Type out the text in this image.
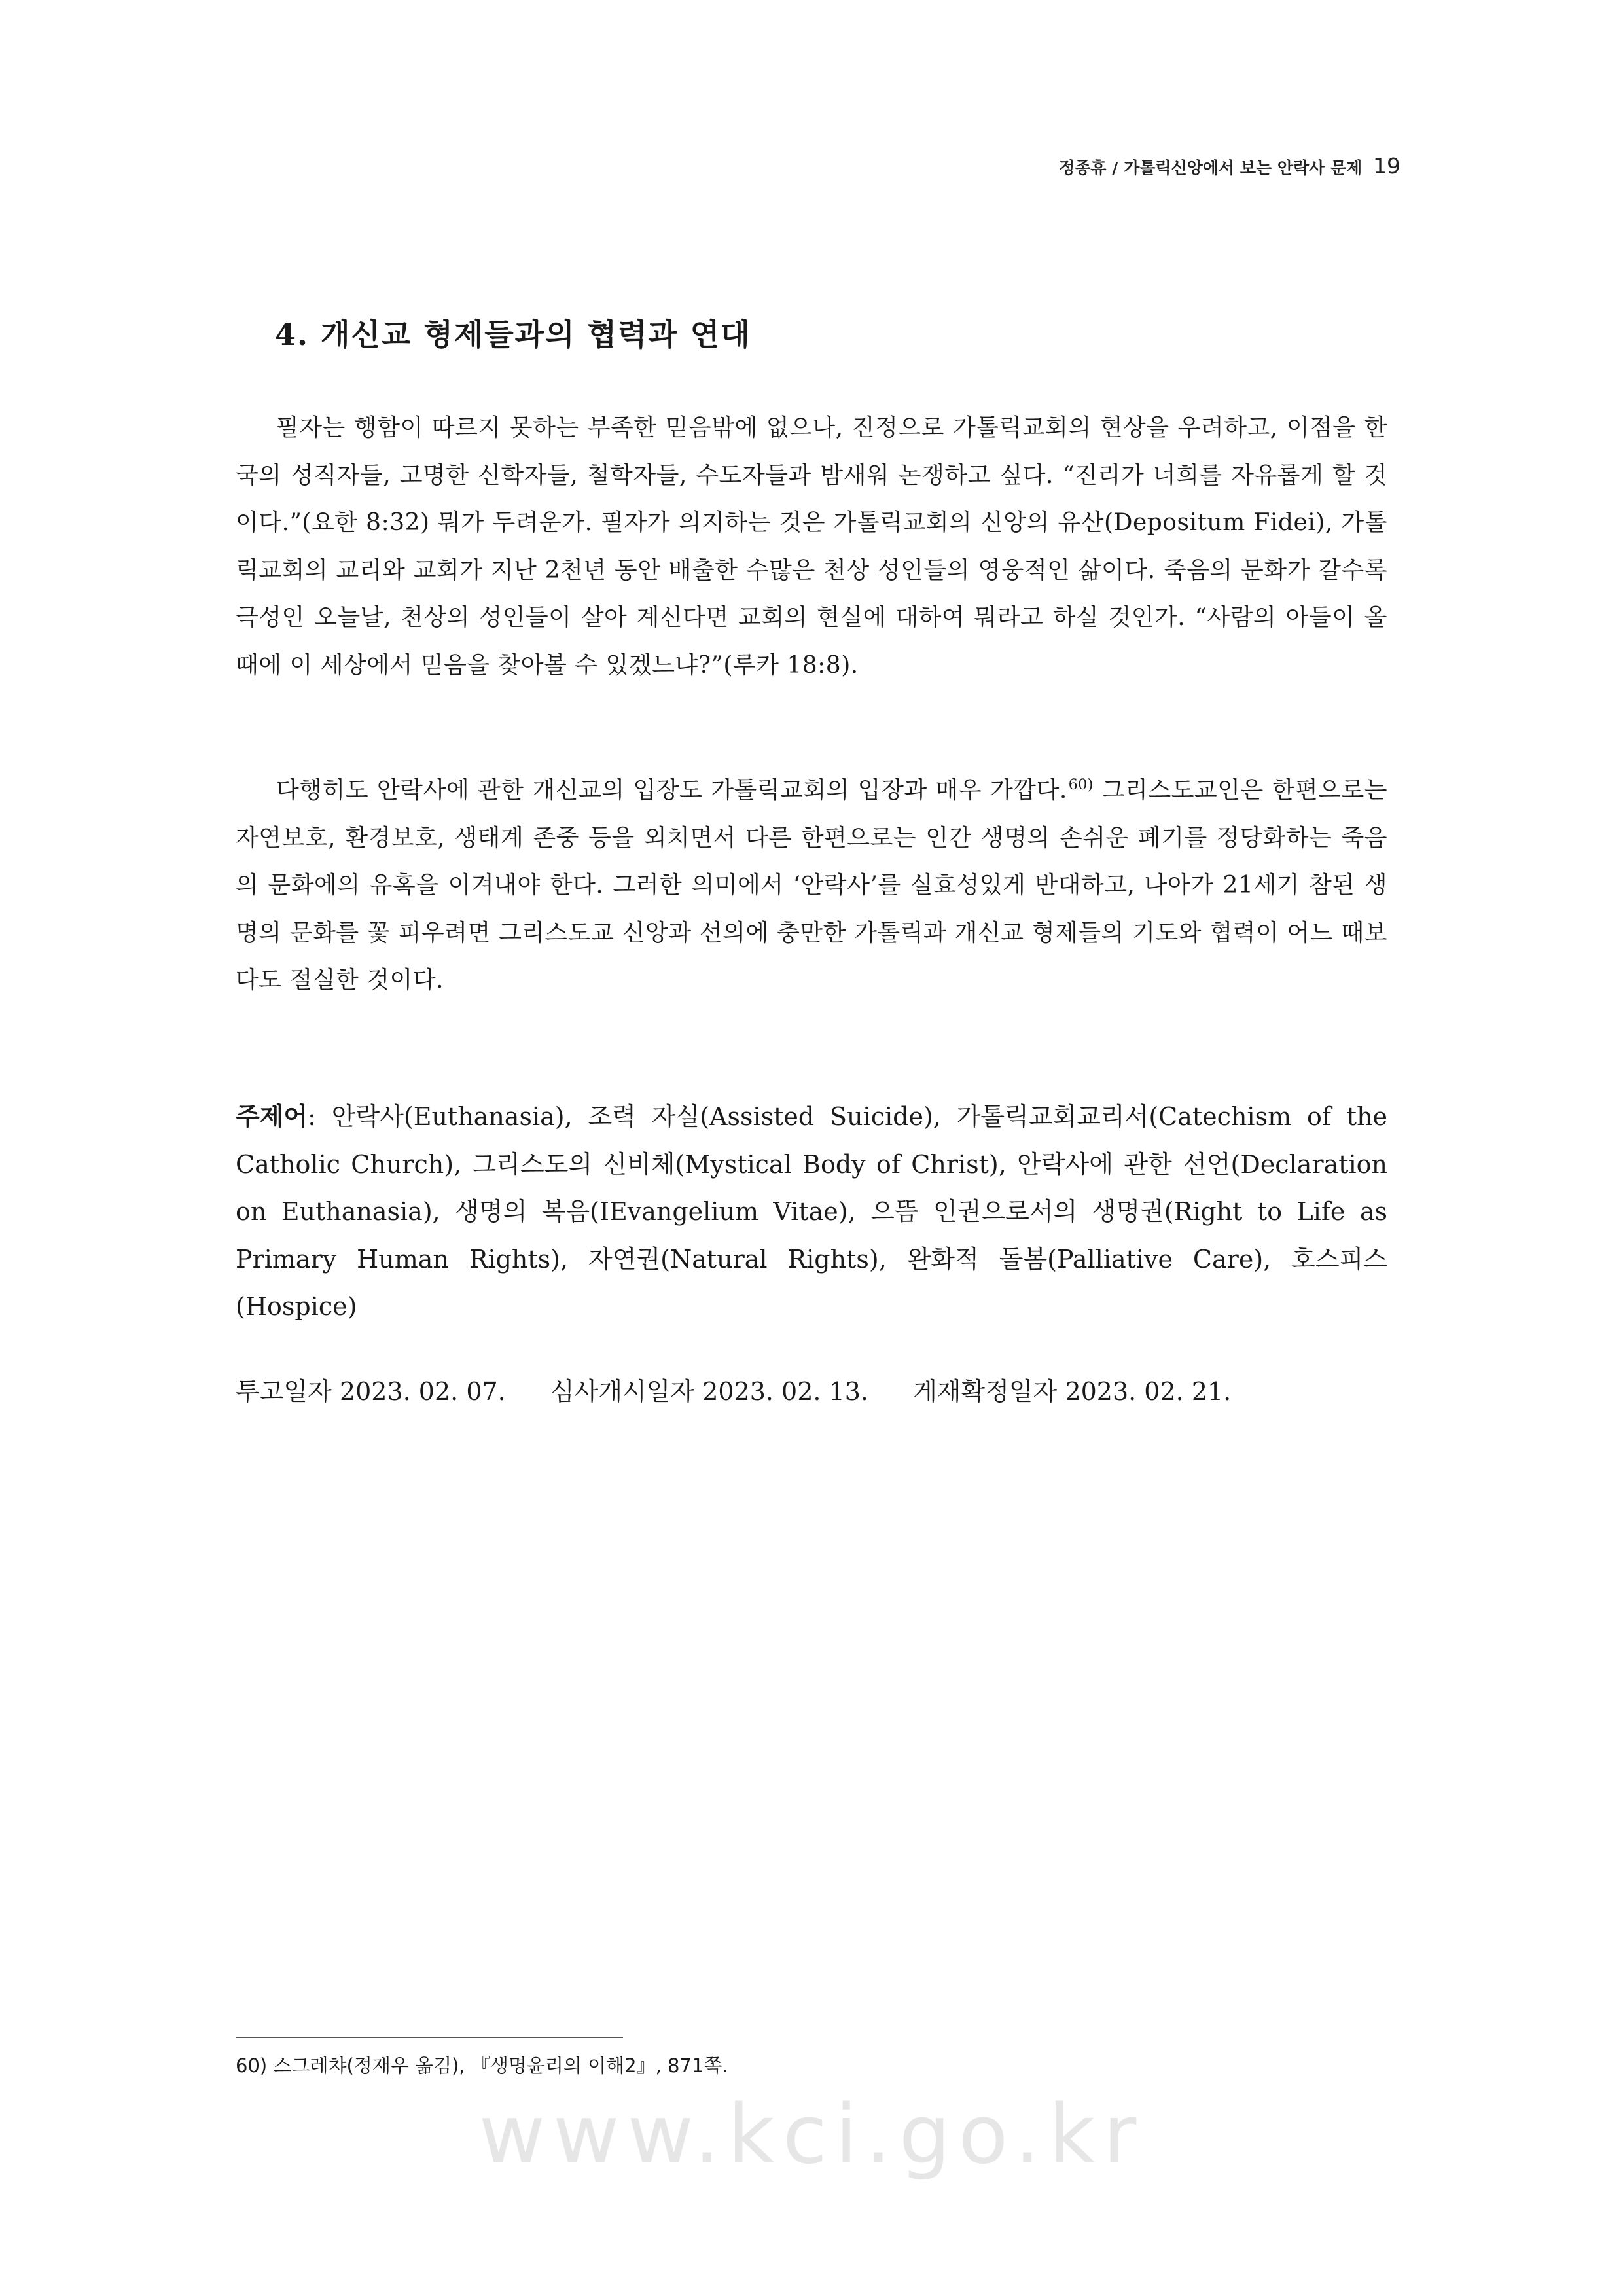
정종휴 / 가톨릭신앙에서 보는 안락사 문제 19
4. 개신교 형제들과의 협력과 연대

필자는 행함이 따르지 못하는 부족한 믿음밖에 없으나, 진정으로 가톨릭교회의 현상을 우려하고, 이점을 한국의 성직자들, 고명한 신학자들, 철학자들, 수도자들과 밤새워 논쟁하고 싶다. “진리가 너희를 자유롭게 할 것이다.”(요한 8:32) 뭐가 두려운가. 필자가 의지하는 것은 가톨릭교회의 신앙의 유산(Depositum Fidei), 가톨릭교회의 교리와 교회가 지난 2천년 동안 배출한 수많은 천상 성인들의 영웅적인 삶이다. 죽음의 문화가 갈수록 극성인 오늘날, 천상의 성인들이 살아 계신다면 교회의 현실에 대하여 뭐라고 하실 것인가. “사람의 아들이 올 때에 이 세상에서 믿음을 찾아볼 수 있겠느냐?”(루카 18:8).

다행히도 안락사에 관한 개신교의 입장도 가톨릭교회의 입장과 매우 가깝다.$^{60)}$ 그리스도교인은 한편으로는 자연보호, 환경보호, 생태계 존중 등을 외치면서 다른 한편으로는 인간 생명의 손쉬운 폐기를 정당화하는 죽음의 문화에의 유혹을 이겨내야 한다. 그러한 의미에서 ‘안락사’를 실효성있게 반대하고, 나아가 21세기 참된 생명의 문화를 꽃 피우려면 그리스도교 신앙과 선의에 충만한 가톨릭과 개신교 형제들의 기도와 협력이 어느 때보다도 절실한 것이다.

주제어: 안락사(Euthanasia), 조력 자실(Assisted Suicide), 가톨릭교회교리서(Catechism of the Catholic Church), 그리스도의 신비체(Mystical Body of Christ), 안락사에 관한 선언(Declaration on Euthanasia), 생명의 복음(IEvangelium Vitae), 으뜸 인권으로서의 생명권(Right to Life as Primary Human Rights), 자연권(Natural Rights), 완화적 돌봄(Palliative Care), 호스피스(Hospice)

투고일자 2023. 02. 07. 심사개시일자 2023. 02. 13. 게재확정일자 2023. 02. 21.

60) 스그레챠(정재우 옮김), 『생명윤리의 이해2』, 871쪽.

www.kci.go.kr
